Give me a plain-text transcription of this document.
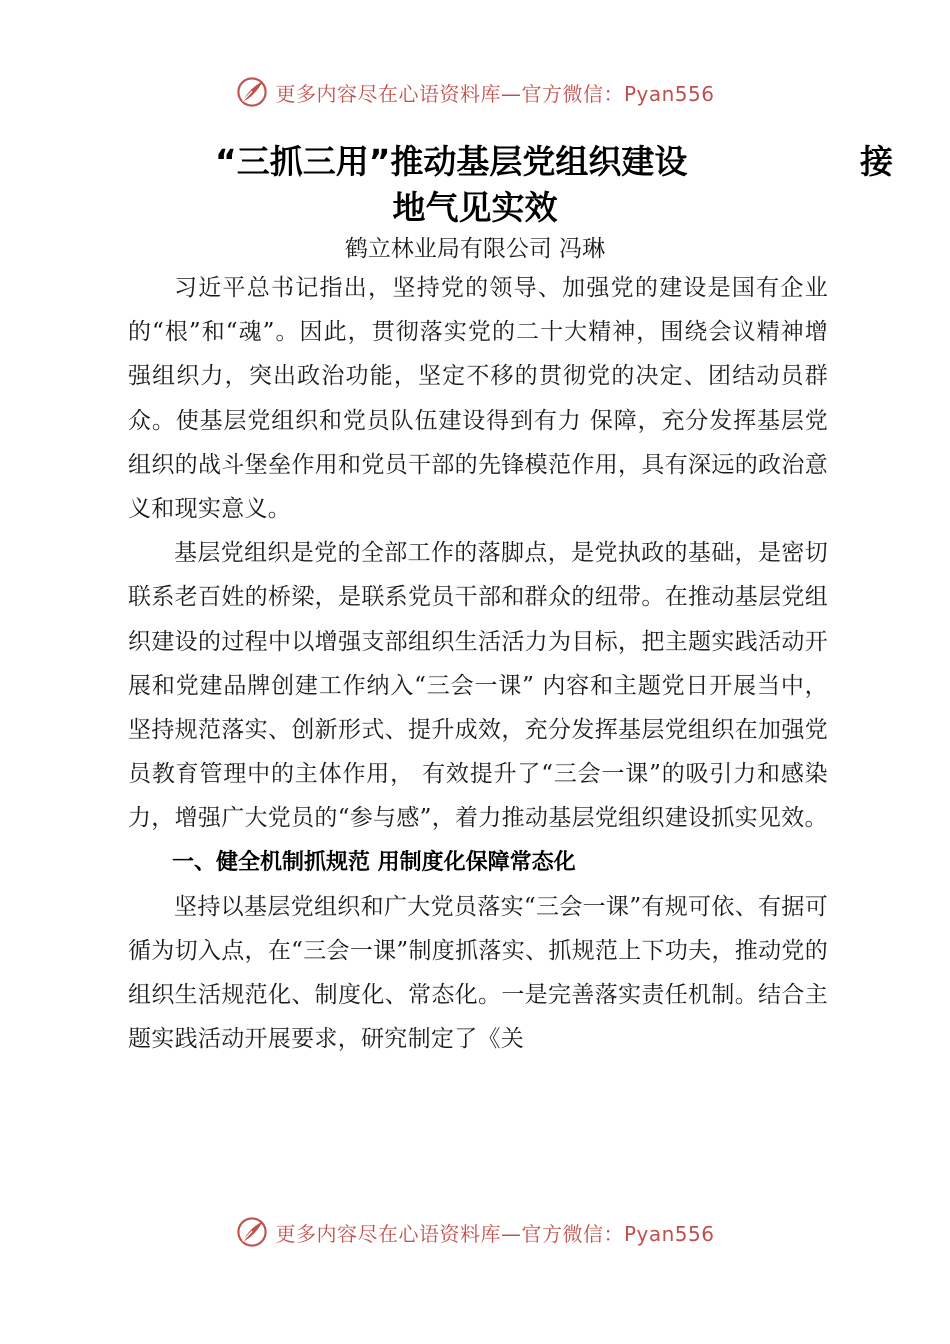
更多内容尽在心语资料库—官方微信：Pyan556
“三抓三用”推动基层党组织建设	接
地气见实效
鹤立林业局有限公司 冯琳

习近平总书记指出，坚持党的领导、加强党的建设是国有企业的“根”和“魂”。因此，贯彻落实党的二十大精神，围绕会议精神增强组织力，突出政治功能，坚定不移的贯彻党的决定、团结动员群众。使基层党组织和党员队伍建设得到有力 保障，充分发挥基层党组织的战斗堡垒作用和党员干部的先锋模范作用，具有深远的政治意义和现实意义。

基层党组织是党的全部工作的落脚点，是党执政的基础，是密切联系老百姓的桥梁，是联系党员干部和群众的纽带。在推动基层党组织建设的过程中以增强支部组织生活活力为目标，把主题实践活动开展和党建品牌创建工作纳入“三会一课” 内容和主题党日开展当中，坚持规范落实、创新形式、提升成效，充分发挥基层党组织在加强党员教育管理中的主体作用， 有效提升了“三会一课”的吸引力和感染力，增强广大党员的“参与感”，着力推动基层党组织建设抓实见效。

一、健全机制抓规范 用制度化保障常态化

坚持以基层党组织和广大党员落实“三会一课”有规可依、有据可循为切入点，在“三会一课”制度抓落实、抓规范上下功夫，推动党的组织生活规范化、制度化、常态化。一是完善落实责任机制。结合主题实践活动开展要求，研究制定了《关

更多内容尽在心语资料库—官方微信：Pyan556
